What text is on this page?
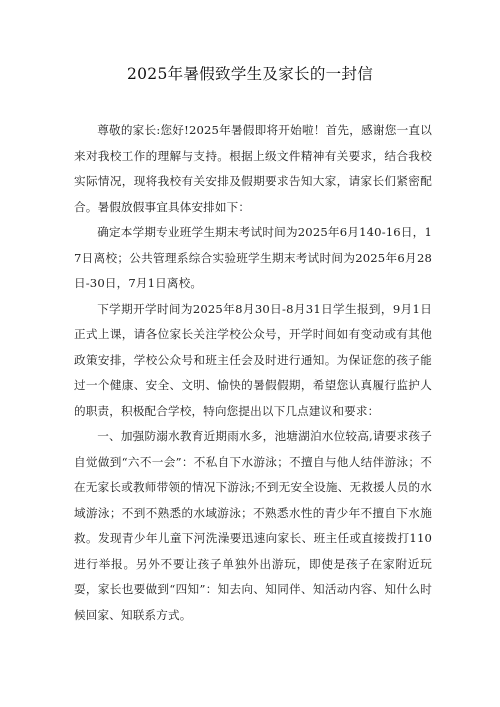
2025年暑假致学生及家长的一封信

尊敬的家长:您好!2025年暑假即将开始啦！首先，感谢您一直以来对我校工作的理解与支持。根据上级文件精神有关要求，结合我校实际情况，现将我校有关安排及假期要求告知大家，请家长们紧密配合。暑假放假事宜具体安排如下：

确定本学期专业班学生期末考试时间为2025年6月140-16日，17日离校；公共管理系综合实验班学生期末考试时间为2025年6月28日-30日，7月1日离校。

下学期开学时间为2025年8月30日-8月31日学生报到，9月1日正式上课，请各位家长关注学校公众号，开学时间如有变动或有其他政策安排，学校公众号和班主任会及时进行通知。为保证您的孩子能过一个健康、安全、文明、愉快的暑假假期，希望您认真履行监护人的职责，积极配合学校，特向您提出以下几点建议和要求：

一、加强防溺水教育近期雨水多，池塘湖泊水位较高,请要求孩子自觉做到“六不一会”：不私自下水游泳；不擅自与他人结伴游泳；不在无家长或教师带领的情况下游泳;不到无安全设施、无救援人员的水域游泳；不到不熟悉的水域游泳；不熟悉水性的青少年不擅自下水施救。发现青少年儿童下河洗澡要迅速向家长、班主任或直接拨打110进行举报。另外不要让孩子单独外出游玩，即使是孩子在家附近玩耍，家长也要做到“四知”：知去向、知同伴、知活动内容、知什么时候回家、知联系方式。
